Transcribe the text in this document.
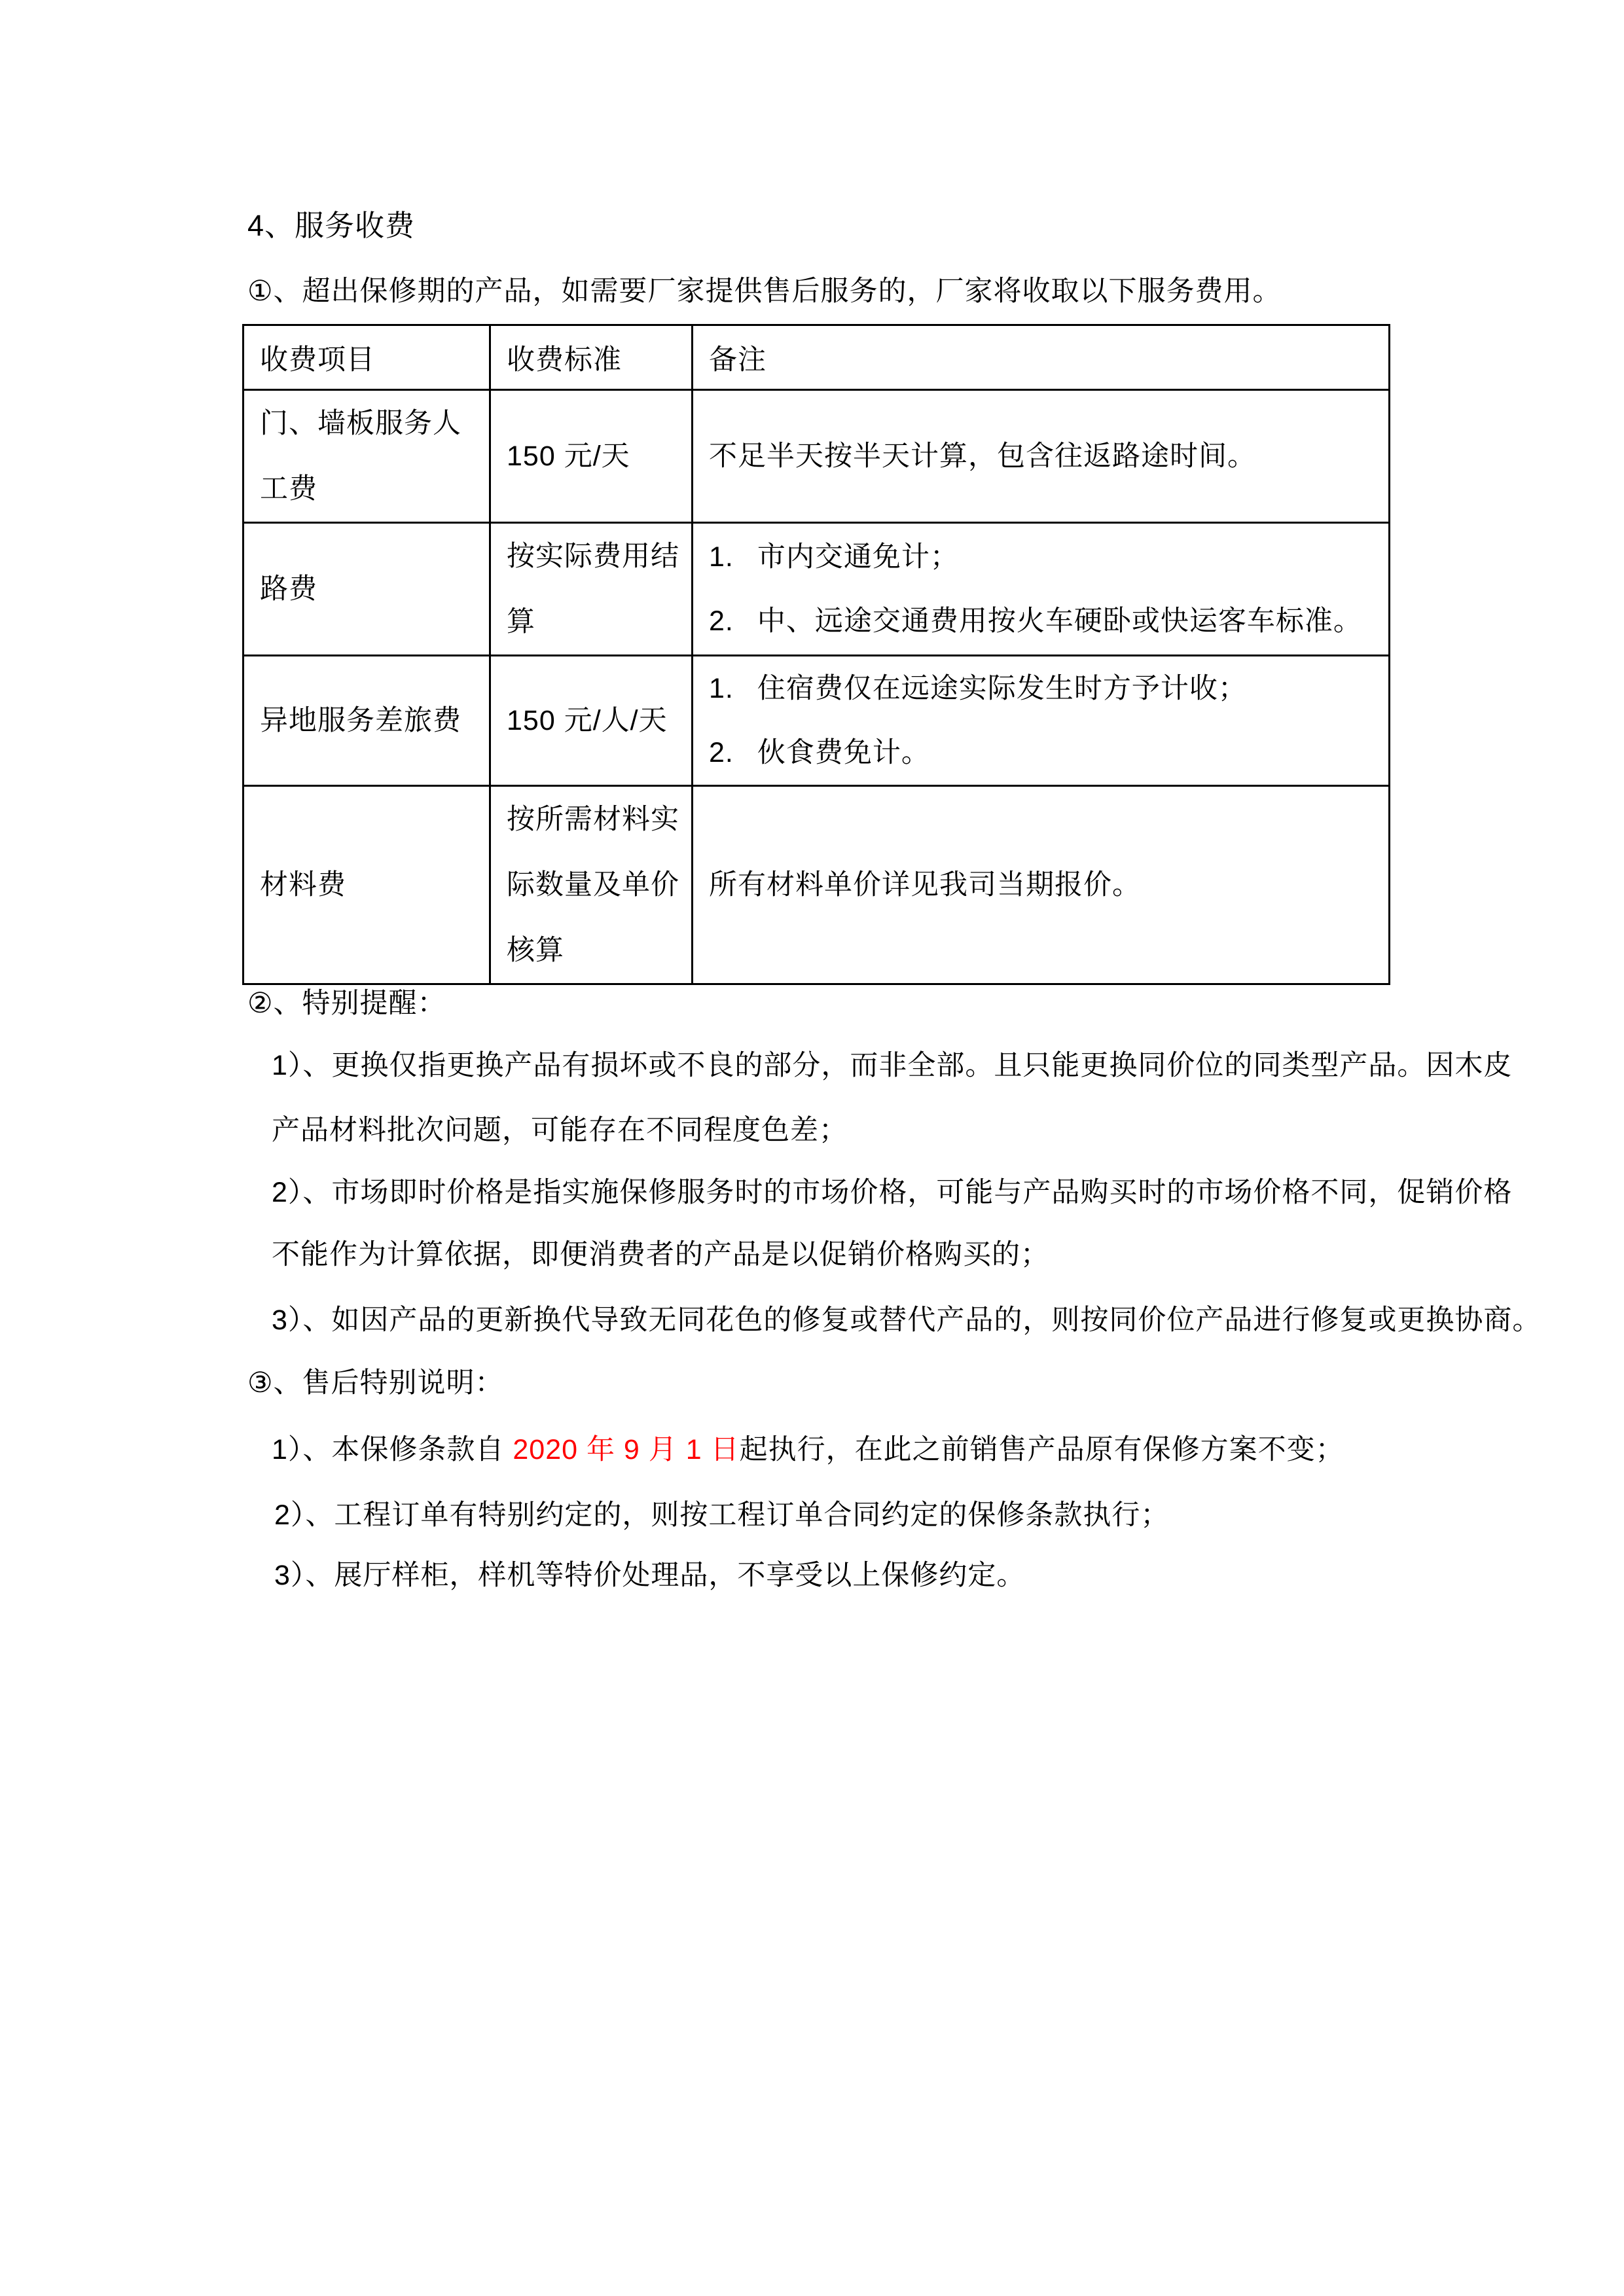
4、服务收费
①、超出保修期的产品，如需要厂家提供售后服务的，厂家将收取以下服务费用。
收费项目	收费标准	备注
门、墙板服务人工费	150 元/天	不足半天按半天计算，包含往返路途时间。

路费	按实际费用结算	1. 市内交通免计；
2. 中、远途交通费用按火车硬卧或快运客车标准。

异地服务差旅费	150 元/人/天	1. 住宿费仅在远途实际发生时方予计收；
2. 伙食费免计。

材料费	按所需材料实际数量及单价核算	所有材料单价详见我司当期报价。
②、特别提醒：
1）、更换仅指更换产品有损坏或不良的部分，而非全部。且只能更换同价位的同类型产品。因木皮
产品材料批次问题，可能存在不同程度色差；
2）、市场即时价格是指实施保修服务时的市场价格，可能与产品购买时的市场价格不同，促销价格
不能作为计算依据，即便消费者的产品是以促销价格购买的；
3）、如因产品的更新换代导致无同花色的修复或替代产品的，则按同价位产品进行修复或更换协商。
③、售后特别说明：
1）、本保修条款自 2020 年 9 月 1 日起执行，在此之前销售产品原有保修方案不变；
2）、工程订单有特别约定的，则按工程订单合同约定的保修条款执行；
3）、展厅样柜，样机等特价处理品，不享受以上保修约定。
